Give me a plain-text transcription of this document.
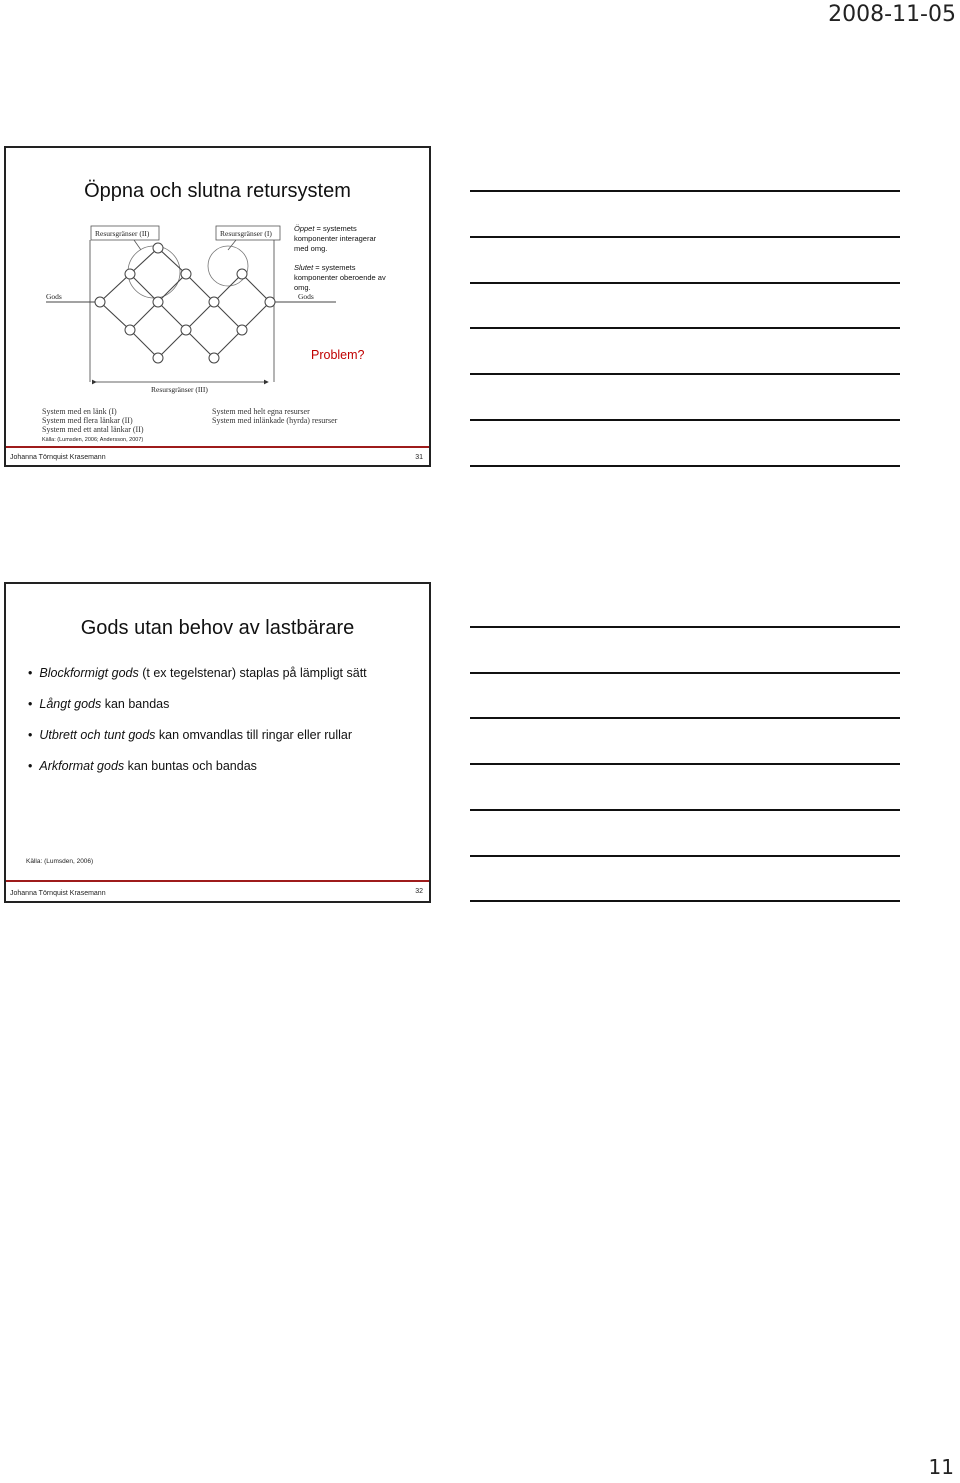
2008-11-05
Öppna och slutna retursystem
Resursgränser (II)	Resursgränser (I)
Gods	Gods
Resursgränser (III)
System med en länk (I)
System med flera länkar (II)
System med ett antal länkar (II)
System med helt egna resurser
System med inlänkade (hyrda) resurser
Öppet = systemets komponenter interagerar med omg.
Slutet = systemets komponenter oberoende av omg.
Problem?
Källa: (Lumsden, 2006; Andersson, 2007)
Johanna Törnquist Krasemann	31
Gods utan behov av lastbärare
• Blockformigt gods (t ex tegelstenar) staplas på lämpligt sätt
• Långt gods kan bandas
• Utbrett och tunt gods kan omvandlas till ringar eller rullar
• Arkformat gods kan buntas och bandas
Källa: (Lumsden, 2006)
Johanna Törnquist Krasemann	32
11
